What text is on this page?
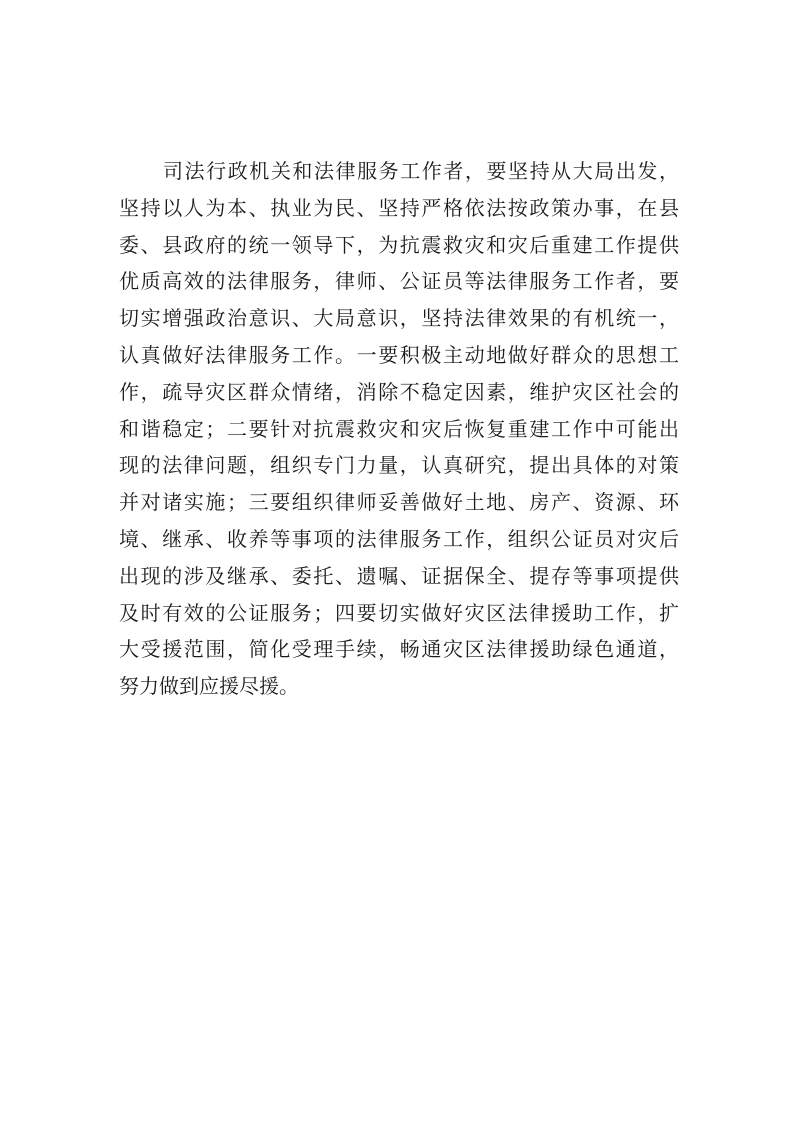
司法行政机关和法律服务工作者，要坚持从大局出发，
坚持以人为本、执业为民、坚持严格依法按政策办事，在县
委、县政府的统一领导下，为抗震救灾和灾后重建工作提供
优质高效的法律服务，律师、公证员等法律服务工作者，要
切实增强政治意识、大局意识，坚持法律效果的有机统一，
认真做好法律服务工作。一要积极主动地做好群众的思想工
作，疏导灾区群众情绪，消除不稳定因素，维护灾区社会的
和谐稳定；二要针对抗震救灾和灾后恢复重建工作中可能出
现的法律问题，组织专门力量，认真研究，提出具体的对策
并对诸实施；三要组织律师妥善做好土地、房产、资源、环
境、继承、收养等事项的法律服务工作，组织公证员对灾后
出现的涉及继承、委托、遗嘱、证据保全、提存等事项提供
及时有效的公证服务；四要切实做好灾区法律援助工作，扩
大受援范围，简化受理手续，畅通灾区法律援助绿色通道，
努力做到应援尽援。
